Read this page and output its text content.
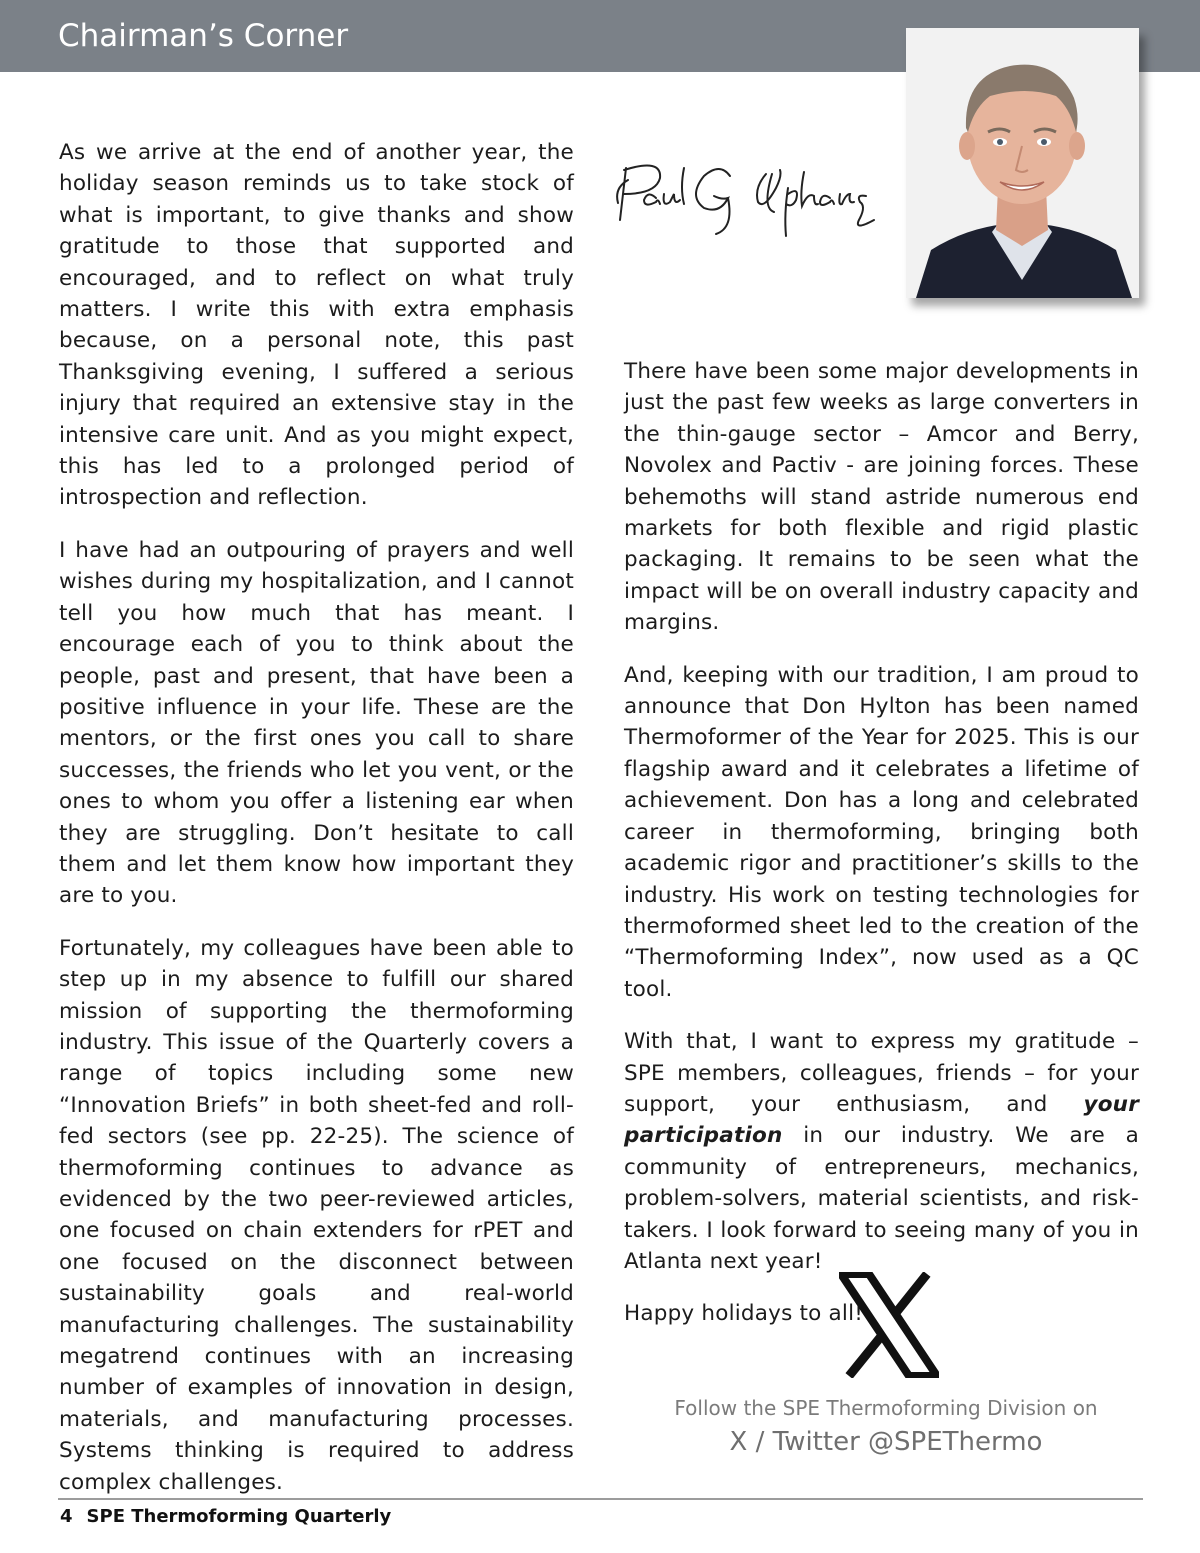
Chairman’s Corner
Paul G Uphaus

As we arrive at the end of another year, the holiday season reminds us to take stock of what is important, to give thanks and show gratitude to those that supported and encouraged, and to reflect on what truly matters. I write this with extra emphasis because, on a personal note, this past Thanksgiving evening, I suffered a serious injury that required an extensive stay in the intensive care unit. And as you might expect, this has led to a prolonged period of introspection and reflection.

I have had an outpouring of prayers and well wishes during my hospitalization, and I cannot tell you how much that has meant. I encourage each of you to think about the people, past and present, that have been a positive influence in your life. These are the mentors, or the first ones you call to share successes, the friends who let you vent, or the ones to whom you offer a listening ear when they are struggling. Don’t hesitate to call them and let them know how important they are to you.

Fortunately, my colleagues have been able to step up in my absence to fulfill our shared mission of supporting the thermoforming industry. This issue of the Quarterly covers a range of topics including some new “Innovation Briefs” in both sheet-fed and roll-fed sectors (see pp. 22-25). The science of thermoforming continues to advance as evidenced by the two peer-reviewed articles, one focused on chain extenders for rPET and one focused on the disconnect between sustainability goals and real-world manufacturing challenges. The sustainability megatrend continues with an increasing number of examples of innovation in design, materials, and manufacturing processes. Systems thinking is required to address complex challenges.

There have been some major developments in just the past few weeks as large converters in the thin-gauge sector – Amcor and Berry, Novolex and Pactiv - are joining forces. These behemoths will stand astride numerous end markets for both flexible and rigid plastic packaging. It remains to be seen what the impact will be on overall industry capacity and margins.

And, keeping with our tradition, I am proud to announce that Don Hylton has been named Thermoformer of the Year for 2025. This is our flagship award and it celebrates a lifetime of achievement. Don has a long and celebrated career in thermoforming, bringing both academic rigor and practitioner’s skills to the industry. His work on testing technologies for thermoformed sheet led to the creation of the “Thermoforming Index”, now used as a QC tool.

With that, I want to express my gratitude – SPE members, colleagues, friends – for your support, your enthusiasm, and your participation in our industry. We are a community of entrepreneurs, mechanics, problem-solvers, material scientists, and risk-takers. I look forward to seeing many of you in Atlanta next year!

Happy holidays to all!

Follow the SPE Thermoforming Division on
X / Twitter @SPEThermo
4 SPE Thermoforming Quarterly
